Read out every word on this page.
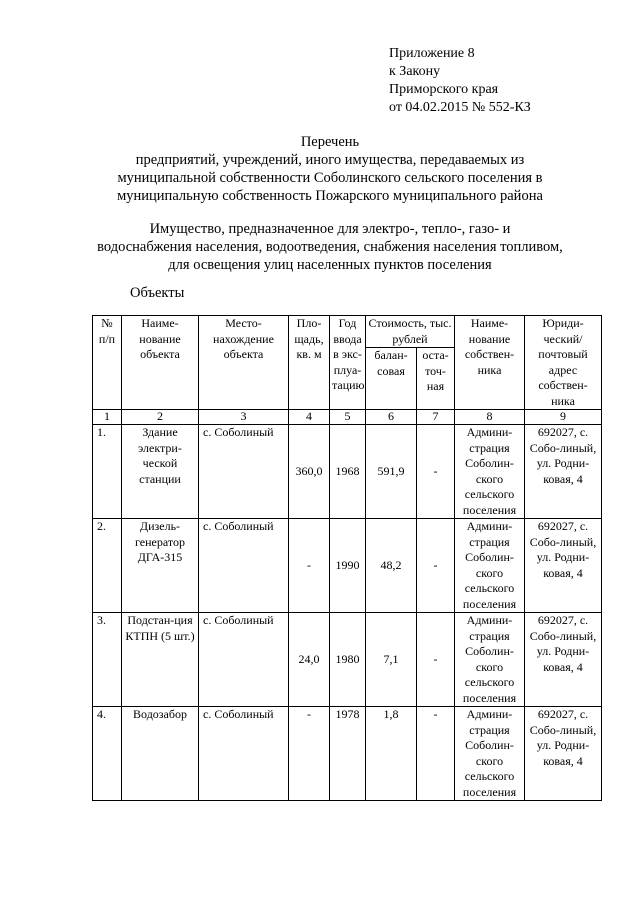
Приложение 8
к Закону
Приморского края
от 04.02.2015 № 552-КЗ
Перечень
предприятий, учреждений, иного имущества, передаваемых из
муниципальной собственности Соболинского сельского поселения в
муниципальную собственность Пожарского муниципального района
Имущество, предназначенное для электро-, тепло-, газо- и
водоснабжения населения, водоотведения, снабжения населения топливом,
для освещения улиц населенных пунктов поселения
Объекты
№ п/п	Наиме-нование объекта	Место-нахождение объекта	Пло-щадь, кв. м	Год ввода в экс-плуа-тацию	Стоимость, тыс. рублей		Наиме-нование собствен-ника	Юриди-ческий/ почтовый адрес собствен-ника
					балан-совая	оста-точ-ная		
1	2	3	4	5	6	7	8	9
1.	Здание электри-ческой станции	с. Соболиный	360,0	1968	591,9	-	Админи-страция Соболин-ского сельского поселения	692027, с. Собо-линый, ул. Родни-ковая, 4
2.	Дизель-генератор ДГА-315	с. Соболиный	-	1990	48,2	-	Админи-страция Соболин-ского сельского поселения	692027, с. Собо-линый, ул. Родни-ковая, 4
3.	Подстан-ция КТПН (5 шт.)	с. Соболиный	24,0	1980	7,1	-	Админи-страция Соболин-ского сельского поселения	692027, с. Собо-линый, ул. Родни-ковая, 4
4.	Водозабор	с. Соболиный	-	1978	1,8	-	Админи-страция Соболин-ского сельского поселения	692027, с. Собо-линый, ул. Родни-ковая, 4
